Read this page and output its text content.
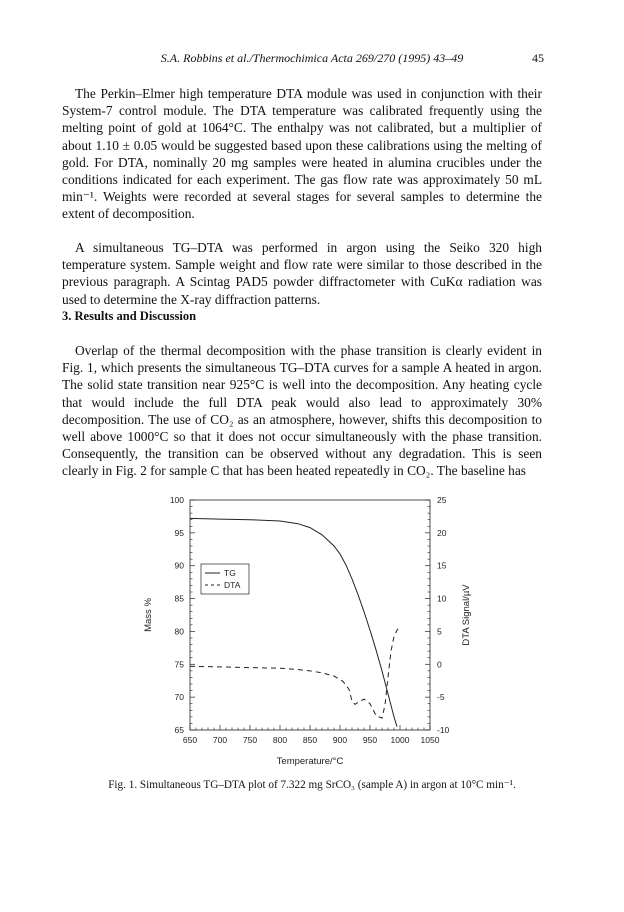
S.A. Robbins et al./Thermochimica Acta 269/270 (1995) 43–49	45

The Perkin–Elmer high temperature DTA module was used in conjunction with their System-7 control module. The DTA temperature was calibrated frequently using the melting point of gold at 1064°C. The enthalpy was not calibrated, but a multiplier of about 1.10 ± 0.05 would be suggested based upon these calibrations using the melting of gold. For DTA, nominally 20 mg samples were heated in alumina crucibles under the conditions indicated for each experiment. The gas flow rate was approximately 50 mL min⁻¹. Weights were recorded at several stages for several samples to determine the extent of decomposition.

A simultaneous TG–DTA was performed in argon using the Seiko 320 high temperature system. Sample weight and flow rate were similar to those described in the previous paragraph. A Scintag PAD5 powder diffractometer with CuKα radiation was used to determine the X-ray diffraction patterns.

3. Results and Discussion

Overlap of the thermal decomposition with the phase transition is clearly evident in Fig. 1, which presents the simultaneous TG–DTA curves for a sample A heated in argon. The solid state transition near 925°C is well into the decomposition. Any heating cycle that would include the full DTA peak would also lead to approximately 30% decomposition. The use of CO₂ as an atmosphere, however, shifts this decomposition to well above 1000°C so that it does not occur simultaneously with the phase transition. Consequently, the transition can be observed without any degradation. This is seen clearly in Fig. 2 for sample C that has been heated repeatedly in CO₂. The baseline has

650 700 750 800 850 900 950 1000 1050
65
70
75
80
85
90
95
100
-10
-5
0
5
10
15
20
25
TG
DTA
Temperature/°C
Mass %	DTA Signal/µV

Fig. 1. Simultaneous TG–DTA plot of 7.322 mg SrCO₃ (sample A) in argon at 10°C min⁻¹.
